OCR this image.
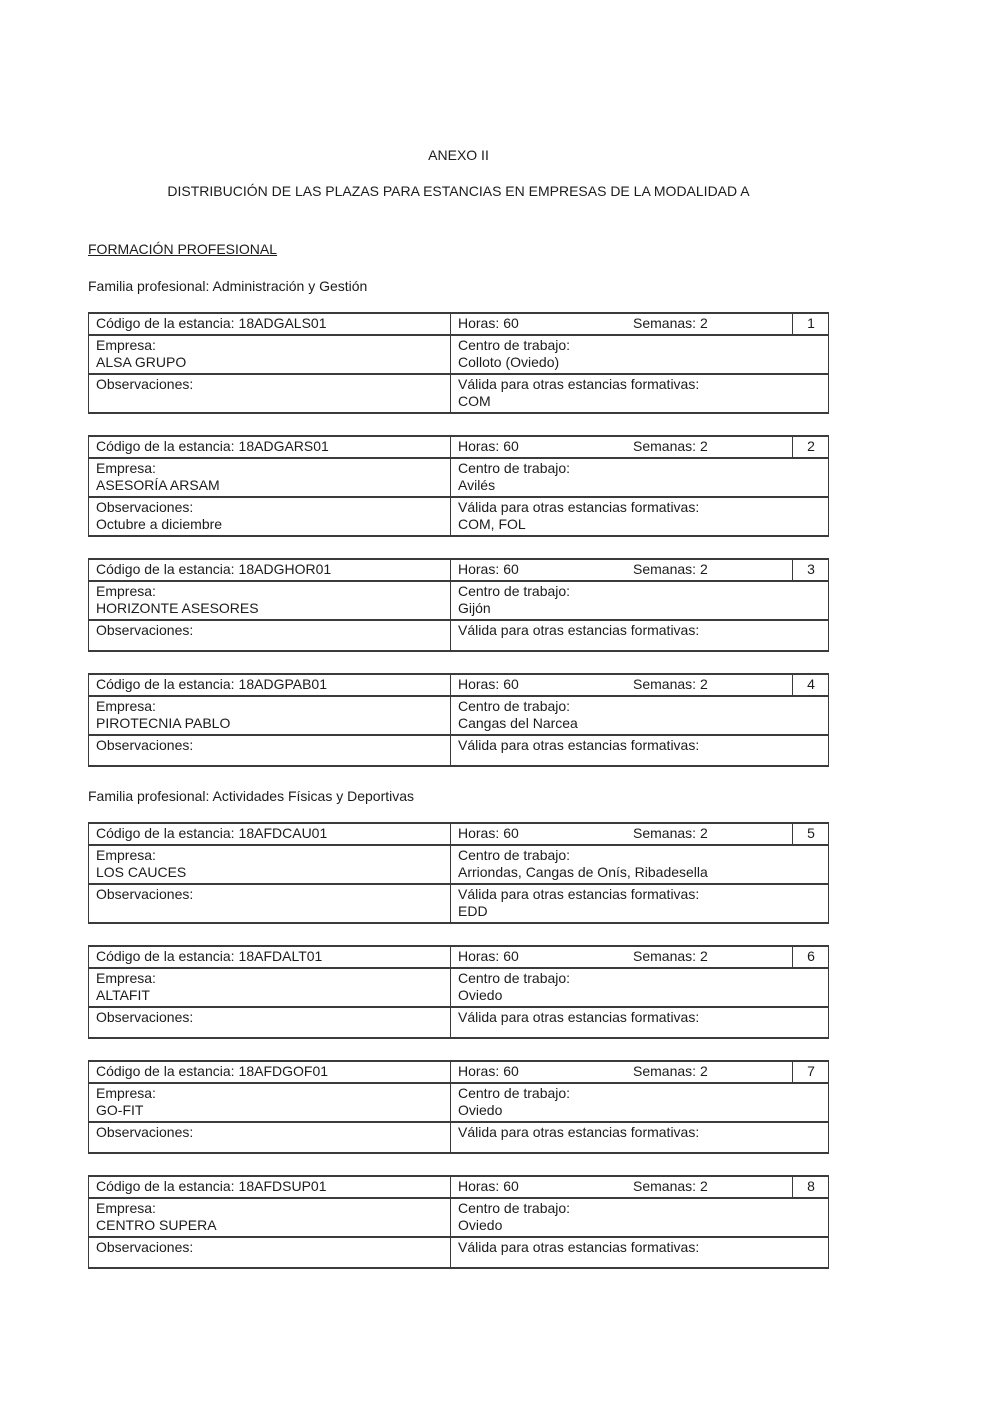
ANEXO II

DISTRIBUCIÓN DE LAS PLAZAS PARA ESTANCIAS EN EMPRESAS DE LA MODALIDAD A

FORMACIÓN PROFESIONAL

Familia profesional: Administración y Gestión

Código de la estancia: 18ADGALS01	Horas: 60 Semanas: 2	1

Empresa:
ALSA GRUPO

Centro de trabajo:
Colloto (Oviedo)

Observaciones:	Válida para otras estancias formativas:
COM	
Código de la estancia: 18ADGARS01	Horas: 60 Semanas: 2	2

Empresa:
ASESORÍA ARSAM

Centro de trabajo:
Avilés

Observaciones:
Octubre a diciembre

Válida para otras estancias formativas:
COM, FOL
Código de la estancia: 18ADGHOR01	Horas: 60 Semanas: 2	3

Empresa:
HORIZONTE ASESORES

Centro de trabajo:
Gijón

Observaciones:	Válida para otras estancias formativas:	
Código de la estancia: 18ADGPAB01	Horas: 60 Semanas: 2	4

Empresa:
PIROTECNIA PABLO

Centro de trabajo:
Cangas del Narcea

Observaciones:	Válida para otras estancias formativas:	

Familia profesional: Actividades Físicas y Deportivas

Código de la estancia: 18AFDCAU01	Horas: 60 Semanas: 2	5

Empresa:
LOS CAUCES

Centro de trabajo:
Arriondas, Cangas de Onís, Ribadesella

Observaciones:	Válida para otras estancias formativas:
EDD	
Código de la estancia: 18AFDALT01	Horas: 60 Semanas: 2	6

Empresa:
ALTAFIT

Centro de trabajo:
Oviedo

Observaciones:	Válida para otras estancias formativas:	
Código de la estancia: 18AFDGOF01	Horas: 60 Semanas: 2	7

Empresa:
GO-FIT

Centro de trabajo:
Oviedo

Observaciones:	Válida para otras estancias formativas:	
Código de la estancia: 18AFDSUP01	Horas: 60 Semanas: 2	8

Empresa:
CENTRO SUPERA

Centro de trabajo:
Oviedo

Observaciones:	Válida para otras estancias formativas:	
